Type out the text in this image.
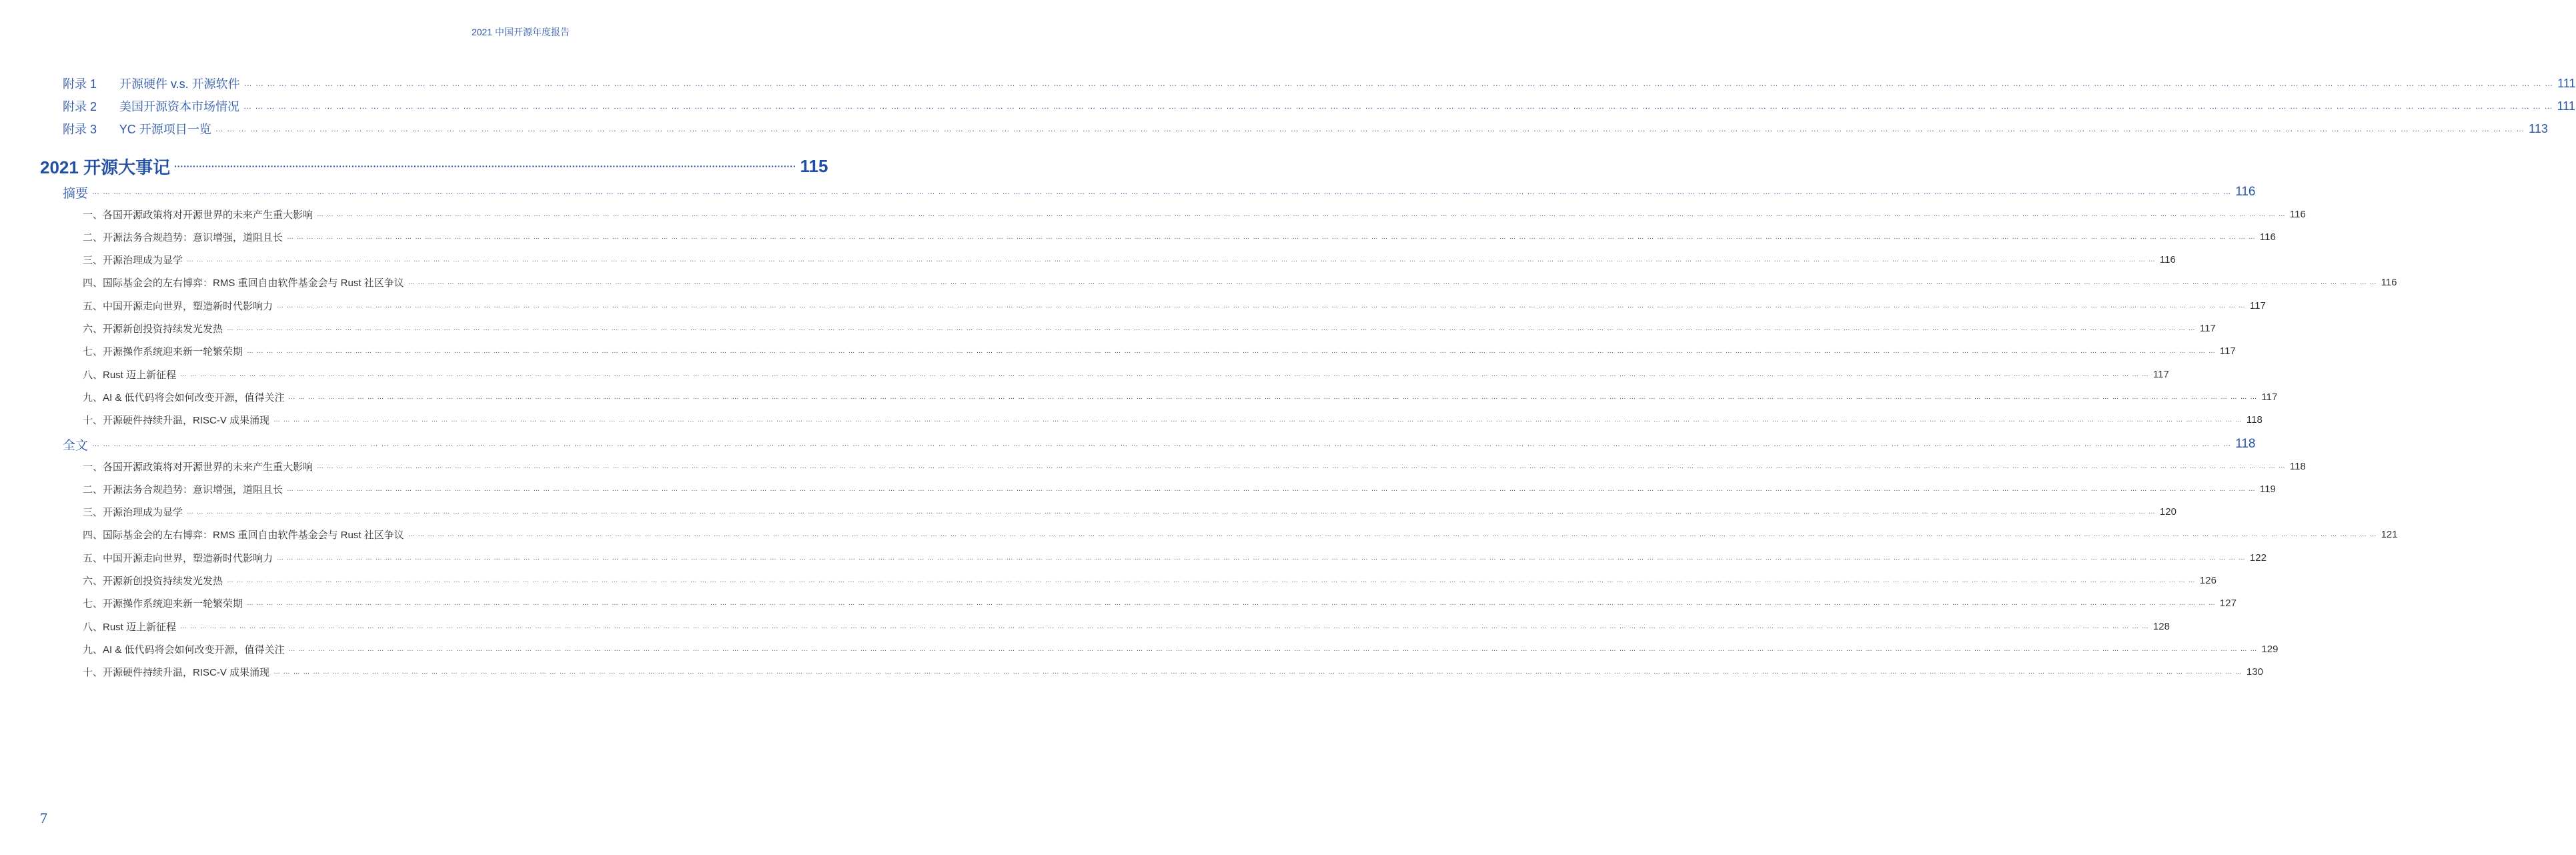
2021 中国开源年度报告
附录 1 开源硬件 v.s. 开源软件 … … … … … … … … … … … … … … … … … … … … … … … … … … … … … … … … … … … … … … … … … … … … … … … … … … … … … … … … … … … … … … … … … … … … … … … … … … … … … … … … … … … … … … … … … … … … … … … … … … … … … … … … … … … … … … … … … … … … … … … … … … … … … … … … … … … … … … … … … … … … … … … … … … … … … … … … … … … … … … … … … … … … … … … … … … … … … … … … … … … … … … … … … … … … … … … … … … … … … … … … 111
附录 2 美国开源资本市场情况 … … … … … … … … … … … … … … … … … … … … … … … … … … … … … … … … … … … … … … … … … … … … … … … … … … … … … … … … … … … … … … … … … … … … … … … … … … … … … … … … … … … … … … … … … … … … … … … … … … … … … … … … … … … … … … … … … … … … … … … … … … … … … … … … … … … … … … … … … … … … … … … … … … … … … … … … … … … … … … … … … … … … … … … … … … … … … … … … … … … … … … … … … … … … … … … … … … … … … … … … 111
附录 3 YC 开源项目一览 … … … … … … … … … … … … … … … … … … … … … … … … … … … … … … … … … … … … … … … … … … … … … … … … … … … … … … … … … … … … … … … … … … … … … … … … … … … … … … … … … … … … … … … … … … … … … … … … … … … … … … … … … … … … … … … … … … … … … … … … … … … … … … … … … … … … … … … … … … … … … … … … … … … … … … … … … … … … … … … … … … … … … … … … … … … … … … … … … … … … … … … … … … … … … … … … … … … … … … … … 113
2021 开源大事记 ········································································································································································································ 115
摘要 … … … … … … … … … … … … … … … … … … … … … … … … … … … … … … … … … … … … … … … … … … … … … … … … … … … … … … … … … … … … … … … … … … … … … … … … … … … … … … … … … … … … … … … … … … … … … … … … … … … … … … … … … … … … … … … … … … … … … … … … … … … … … … … … … … … … … … … … … … … … … … … … … … … … … … … … … … … … … … … … … … … … … … … … … … … … … … … … … … … … … … … … … … … … … … … … … … … … … … … … 116
一、各国开源政策将对开源世界的未来产生重大影响 … … … … … … … … … … … … … … … … … … … … … … … … … … … … … … … … … … … … … … … … … … … … … … … … … … … … … … … … … … … … … … … … … … … … … … … … … … … … … … … … … … … … … … … … … … … … … … … … … … … … … … … … … … … … … … … … … … … … … … … … … … … … … … … … … … … … … … … … … … … … … … … … … … … … … … … … … … … … … … … … … … … … … … … … … … … … … … … … … … … … … … … … … … … … … … … … … … … … … … … … 116
二、开源法务合规趋势：意识增强，道阻且长 … … … … … … … … … … … … … … … … … … … … … … … … … … … … … … … … … … … … … … … … … … … … … … … … … … … … … … … … … … … … … … … … … … … … … … … … … … … … … … … … … … … … … … … … … … … … … … … … … … … … … … … … … … … … … … … … … … … … … … … … … … … … … … … … … … … … … … … … … … … … … … … … … … … … … … … … … … … … … … … … … … … … … … … … … … … … … … … … … … … … … … … … … … … … … … … … … … … … … … … … 116
三、开源治理成为显学 … … … … … … … … … … … … … … … … … … … … … … … … … … … … … … … … … … … … … … … … … … … … … … … … … … … … … … … … … … … … … … … … … … … … … … … … … … … … … … … … … … … … … … … … … … … … … … … … … … … … … … … … … … … … … … … … … … … … … … … … … … … … … … … … … … … … … … … … … … … … … … … … … … … … … … … … … … … … … … … … … … … … … … … … … … … … … … … … … … … … … … … … … … … … … … … … … … … … … … … … 116
四、国际基金会的左右博弈：RMS 重回自由软件基金会与 Rust 社区争议 … … … … … … … … … … … … … … … … … … … … … … … … … … … … … … … … … … … … … … … … … … … … … … … … … … … … … … … … … … … … … … … … … … … … … … … … … … … … … … … … … … … … … … … … … … … … … … … … … … … … … … … … … … … … … … … … … … … … … … … … … … … … … … … … … … … … … … … … … … … … … … … … … … … … … … … … … … … … … … … … … … … … … … … … … … … … … … … … … … … … … … … … … … … … … … … … … … … … … … … … 116
五、中国开源走向世界，塑造新时代影响力 … … … … … … … … … … … … … … … … … … … … … … … … … … … … … … … … … … … … … … … … … … … … … … … … … … … … … … … … … … … … … … … … … … … … … … … … … … … … … … … … … … … … … … … … … … … … … … … … … … … … … … … … … … … … … … … … … … … … … … … … … … … … … … … … … … … … … … … … … … … … … … … … … … … … … … … … … … … … … … … … … … … … … … … … … … … … … … … … … … … … … … … … … … … … … … … … … … … … … … … … 117
六、开源新创投资持续发光发热 … … … … … … … … … … … … … … … … … … … … … … … … … … … … … … … … … … … … … … … … … … … … … … … … … … … … … … … … … … … … … … … … … … … … … … … … … … … … … … … … … … … … … … … … … … … … … … … … … … … … … … … … … … … … … … … … … … … … … … … … … … … … … … … … … … … … … … … … … … … … … … … … … … … … … … … … … … … … … … … … … … … … … … … … … … … … … … … … … … … … … … … … … … … … … … … … … … … … … … … … 117
七、开源操作系统迎来新一轮繁荣期 … … … … … … … … … … … … … … … … … … … … … … … … … … … … … … … … … … … … … … … … … … … … … … … … … … … … … … … … … … … … … … … … … … … … … … … … … … … … … … … … … … … … … … … … … … … … … … … … … … … … … … … … … … … … … … … … … … … … … … … … … … … … … … … … … … … … … … … … … … … … … … … … … … … … … … … … … … … … … … … … … … … … … … … … … … … … … … … … … … … … … … … … … … … … … … … … … … … … … … … … 117
八、Rust 迈上新征程 … … … … … … … … … … … … … … … … … … … … … … … … … … … … … … … … … … … … … … … … … … … … … … … … … … … … … … … … … … … … … … … … … … … … … … … … … … … … … … … … … … … … … … … … … … … … … … … … … … … … … … … … … … … … … … … … … … … … … … … … … … … … … … … … … … … … … … … … … … … … … … … … … … … … … … … … … … … … … … … … … … … … … … … … … … … … … … … … … … … … … … … … … … … … … … … … … … … … … … … … 117
九、AI & 低代码将会如何改变开源，值得关注 … … … … … … … … … … … … … … … … … … … … … … … … … … … … … … … … … … … … … … … … … … … … … … … … … … … … … … … … … … … … … … … … … … … … … … … … … … … … … … … … … … … … … … … … … … … … … … … … … … … … … … … … … … … … … … … … … … … … … … … … … … … … … … … … … … … … … … … … … … … … … … … … … … … … … … … … … … … … … … … … … … … … … … … … … … … … … … … … … … … … … … … … … … … … … … … … … … … … … … … … 117
十、开源硬件持续升温，RISC-V 成果涌现 … … … … … … … … … … … … … … … … … … … … … … … … … … … … … … … … … … … … … … … … … … … … … … … … … … … … … … … … … … … … … … … … … … … … … … … … … … … … … … … … … … … … … … … … … … … … … … … … … … … … … … … … … … … … … … … … … … … … … … … … … … … … … … … … … … … … … … … … … … … … … … … … … … … … … … … … … … … … … … … … … … … … … … … … … … … … … … … … … … … … … … … … … … … … … … … … … … … … … … … … 118
全文 … … … … … … … … … … … … … … … … … … … … … … … … … … … … … … … … … … … … … … … … … … … … … … … … … … … … … … … … … … … … … … … … … … … … … … … … … … … … … … … … … … … … … … … … … … … … … … … … … … … … … … … … … … … … … … … … … … … … … … … … … … … … … … … … … … … … … … … … … … … … … … … … … … … … … … … … … … … … … … … … … … … … … … … … … … … … … … … … … … … … … … … … … … … … … … … … … … … … … … … … 118
一、各国开源政策将对开源世界的未来产生重大影响 … … … … … … … … … … … … … … … … … … … … … … … … … … … … … … … … … … … … … … … … … … … … … … … … … … … … … … … … … … … … … … … … … … … … … … … … … … … … … … … … … … … … … … … … … … … … … … … … … … … … … … … … … … … … … … … … … … … … … … … … … … … … … … … … … … … … … … … … … … … … … … … … … … … … … … … … … … … … … … … … … … … … … … … … … … … … … … … … … … … … … … … … … … … … … … … … … … … … … … … … 118
二、开源法务合规趋势：意识增强，道阻且长 … … … … … … … … … … … … … … … … … … … … … … … … … … … … … … … … … … … … … … … … … … … … … … … … … … … … … … … … … … … … … … … … … … … … … … … … … … … … … … … … … … … … … … … … … … … … … … … … … … … … … … … … … … … … … … … … … … … … … … … … … … … … … … … … … … … … … … … … … … … … … … … … … … … … … … … … … … … … … … … … … … … … … … … … … … … … … … … … … … … … … … … … … … … … … … … … … … … … … … … … 119
三、开源治理成为显学 … … … … … … … … … … … … … … … … … … … … … … … … … … … … … … … … … … … … … … … … … … … … … … … … … … … … … … … … … … … … … … … … … … … … … … … … … … … … … … … … … … … … … … … … … … … … … … … … … … … … … … … … … … … … … … … … … … … … … … … … … … … … … … … … … … … … … … … … … … … … … … … … … … … … … … … … … … … … … … … … … … … … … … … … … … … … … … … … … … … … … … … … … … … … … … … … … … … … … … … … 120
四、国际基金会的左右博弈：RMS 重回自由软件基金会与 Rust 社区争议 … … … … … … … … … … … … … … … … … … … … … … … … … … … … … … … … … … … … … … … … … … … … … … … … … … … … … … … … … … … … … … … … … … … … … … … … … … … … … … … … … … … … … … … … … … … … … … … … … … … … … … … … … … … … … … … … … … … … … … … … … … … … … … … … … … … … … … … … … … … … … … … … … … … … … … … … … … … … … … … … … … … … … … … … … … … … … … … … … … … … … … … … … … … … … … … … … … … … … … … … 121
五、中国开源走向世界，塑造新时代影响力 … … … … … … … … … … … … … … … … … … … … … … … … … … … … … … … … … … … … … … … … … … … … … … … … … … … … … … … … … … … … … … … … … … … … … … … … … … … … … … … … … … … … … … … … … … … … … … … … … … … … … … … … … … … … … … … … … … … … … … … … … … … … … … … … … … … … … … … … … … … … … … … … … … … … … … … … … … … … … … … … … … … … … … … … … … … … … … … … … … … … … … … … … … … … … … … … … … … … … … … … 122
六、开源新创投资持续发光发热 … … … … … … … … … … … … … … … … … … … … … … … … … … … … … … … … … … … … … … … … … … … … … … … … … … … … … … … … … … … … … … … … … … … … … … … … … … … … … … … … … … … … … … … … … … … … … … … … … … … … … … … … … … … … … … … … … … … … … … … … … … … … … … … … … … … … … … … … … … … … … … … … … … … … … … … … … … … … … … … … … … … … … … … … … … … … … … … … … … … … … … … … … … … … … … … … … … … … … … … … 126
七、开源操作系统迎来新一轮繁荣期 … … … … … … … … … … … … … … … … … … … … … … … … … … … … … … … … … … … … … … … … … … … … … … … … … … … … … … … … … … … … … … … … … … … … … … … … … … … … … … … … … … … … … … … … … … … … … … … … … … … … … … … … … … … … … … … … … … … … … … … … … … … … … … … … … … … … … … … … … … … … … … … … … … … … … … … … … … … … … … … … … … … … … … … … … … … … … … … … … … … … … … … … … … … … … … … … … … … … … … … … 127
八、Rust 迈上新征程 … … … … … … … … … … … … … … … … … … … … … … … … … … … … … … … … … … … … … … … … … … … … … … … … … … … … … … … … … … … … … … … … … … … … … … … … … … … … … … … … … … … … … … … … … … … … … … … … … … … … … … … … … … … … … … … … … … … … … … … … … … … … … … … … … … … … … … … … … … … … … … … … … … … … … … … … … … … … … … … … … … … … … … … … … … … … … … … … … … … … … … … … … … … … … … … … … … … … … … … … 128
九、AI & 低代码将会如何改变开源，值得关注 … … … … … … … … … … … … … … … … … … … … … … … … … … … … … … … … … … … … … … … … … … … … … … … … … … … … … … … … … … … … … … … … … … … … … … … … … … … … … … … … … … … … … … … … … … … … … … … … … … … … … … … … … … … … … … … … … … … … … … … … … … … … … … … … … … … … … … … … … … … … … … … … … … … … … … … … … … … … … … … … … … … … … … … … … … … … … … … … … … … … … … … … … … … … … … … … … … … … … … … … 129
十、开源硬件持续升温，RISC-V 成果涌现 … … … … … … … … … … … … … … … … … … … … … … … … … … … … … … … … … … … … … … … … … … … … … … … … … … … … … … … … … … … … … … … … … … … … … … … … … … … … … … … … … … … … … … … … … … … … … … … … … … … … … … … … … … … … … … … … … … … … … … … … … … … … … … … … … … … … … … … … … … … … … … … … … … … … … … … … … … … … … … … … … … … … … … … … … … … … … … … … … … … … … … … … … … … … … … … … … … … … … … … … 130
7
